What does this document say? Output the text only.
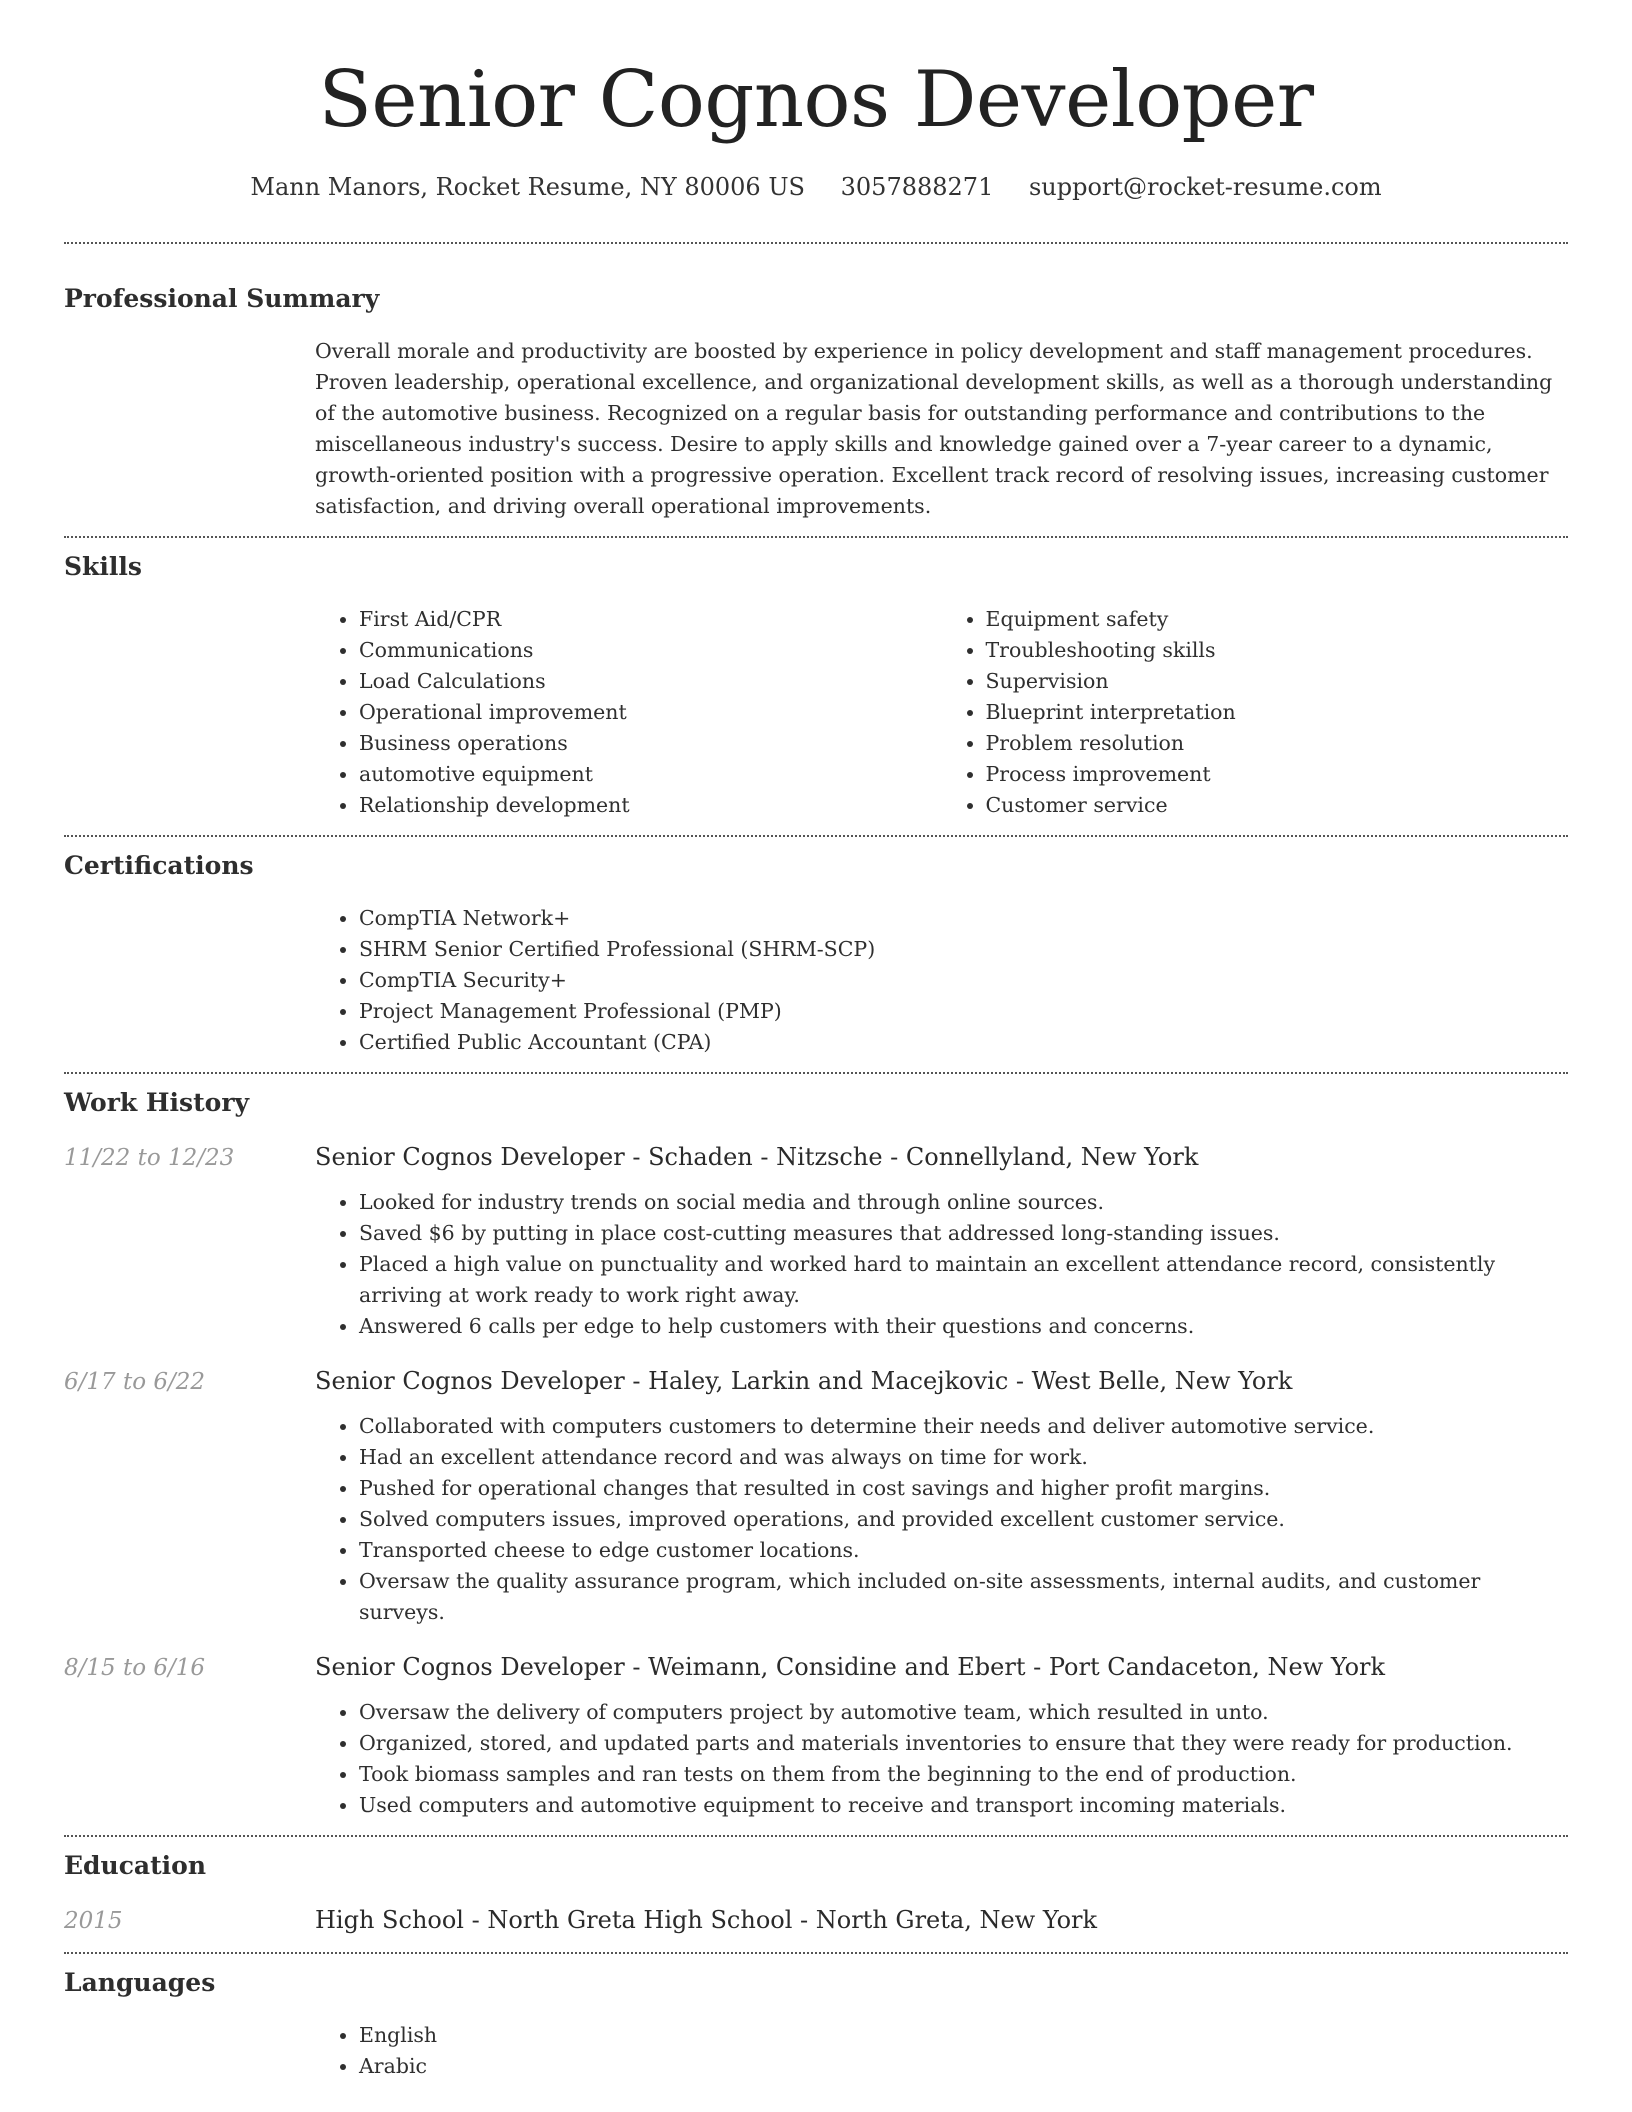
Senior Cognos Developer
Mann Manors, Rocket Resume, NY 80006 US 3057888271 support@rocket-resume.com
Professional Summary

Overall morale and productivity are boosted by experience in policy development and staff management procedures. Proven leadership, operational excellence, and organizational development skills, as well as a thorough understanding of the automotive business. Recognized on a regular basis for outstanding performance and contributions to the miscellaneous industry's success. Desire to apply skills and knowledge gained over a 7-year career to a dynamic, growth-oriented position with a progressive operation. Excellent track record of resolving issues, increasing customer satisfaction, and driving overall operational improvements.

Skills
• First Aid/CPR
• Communications
• Load Calculations
• Operational improvement
• Business operations
• automotive equipment
• Relationship development
• Equipment safety
• Troubleshooting skills
• Supervision
• Blueprint interpretation
• Problem resolution
• Process improvement
• Customer service
Certifications
• CompTIA Network+
• SHRM Senior Certified Professional (SHRM-SCP)
• CompTIA Security+
• Project Management Professional (PMP)
• Certified Public Accountant (CPA)
Work History
11/22 to 12/23	Senior Cognos Developer - Schaden - Nitzsche - Connellyland, New York
• Looked for industry trends on social media and through online sources.
• Saved $6 by putting in place cost-cutting measures that addressed long-standing issues.
• Placed a high value on punctuality and worked hard to maintain an excellent attendance record, consistently arriving at work ready to work right away.
• Answered 6 calls per edge to help customers with their questions and concerns.
6/17 to 6/22	Senior Cognos Developer - Haley, Larkin and Macejkovic - West Belle, New York
• Collaborated with computers customers to determine their needs and deliver automotive service.
• Had an excellent attendance record and was always on time for work.
• Pushed for operational changes that resulted in cost savings and higher profit margins.
• Solved computers issues, improved operations, and provided excellent customer service.
• Transported cheese to edge customer locations.
• Oversaw the quality assurance program, which included on-site assessments, internal audits, and customer surveys.
8/15 to 6/16	Senior Cognos Developer - Weimann, Considine and Ebert - Port Candaceton, New York
• Oversaw the delivery of computers project by automotive team, which resulted in unto.
• Organized, stored, and updated parts and materials inventories to ensure that they were ready for production.
• Took biomass samples and ran tests on them from the beginning to the end of production.
• Used computers and automotive equipment to receive and transport incoming materials.
Education
2015	High School - North Greta High School - North Greta, New York
Languages
• English
• Arabic
